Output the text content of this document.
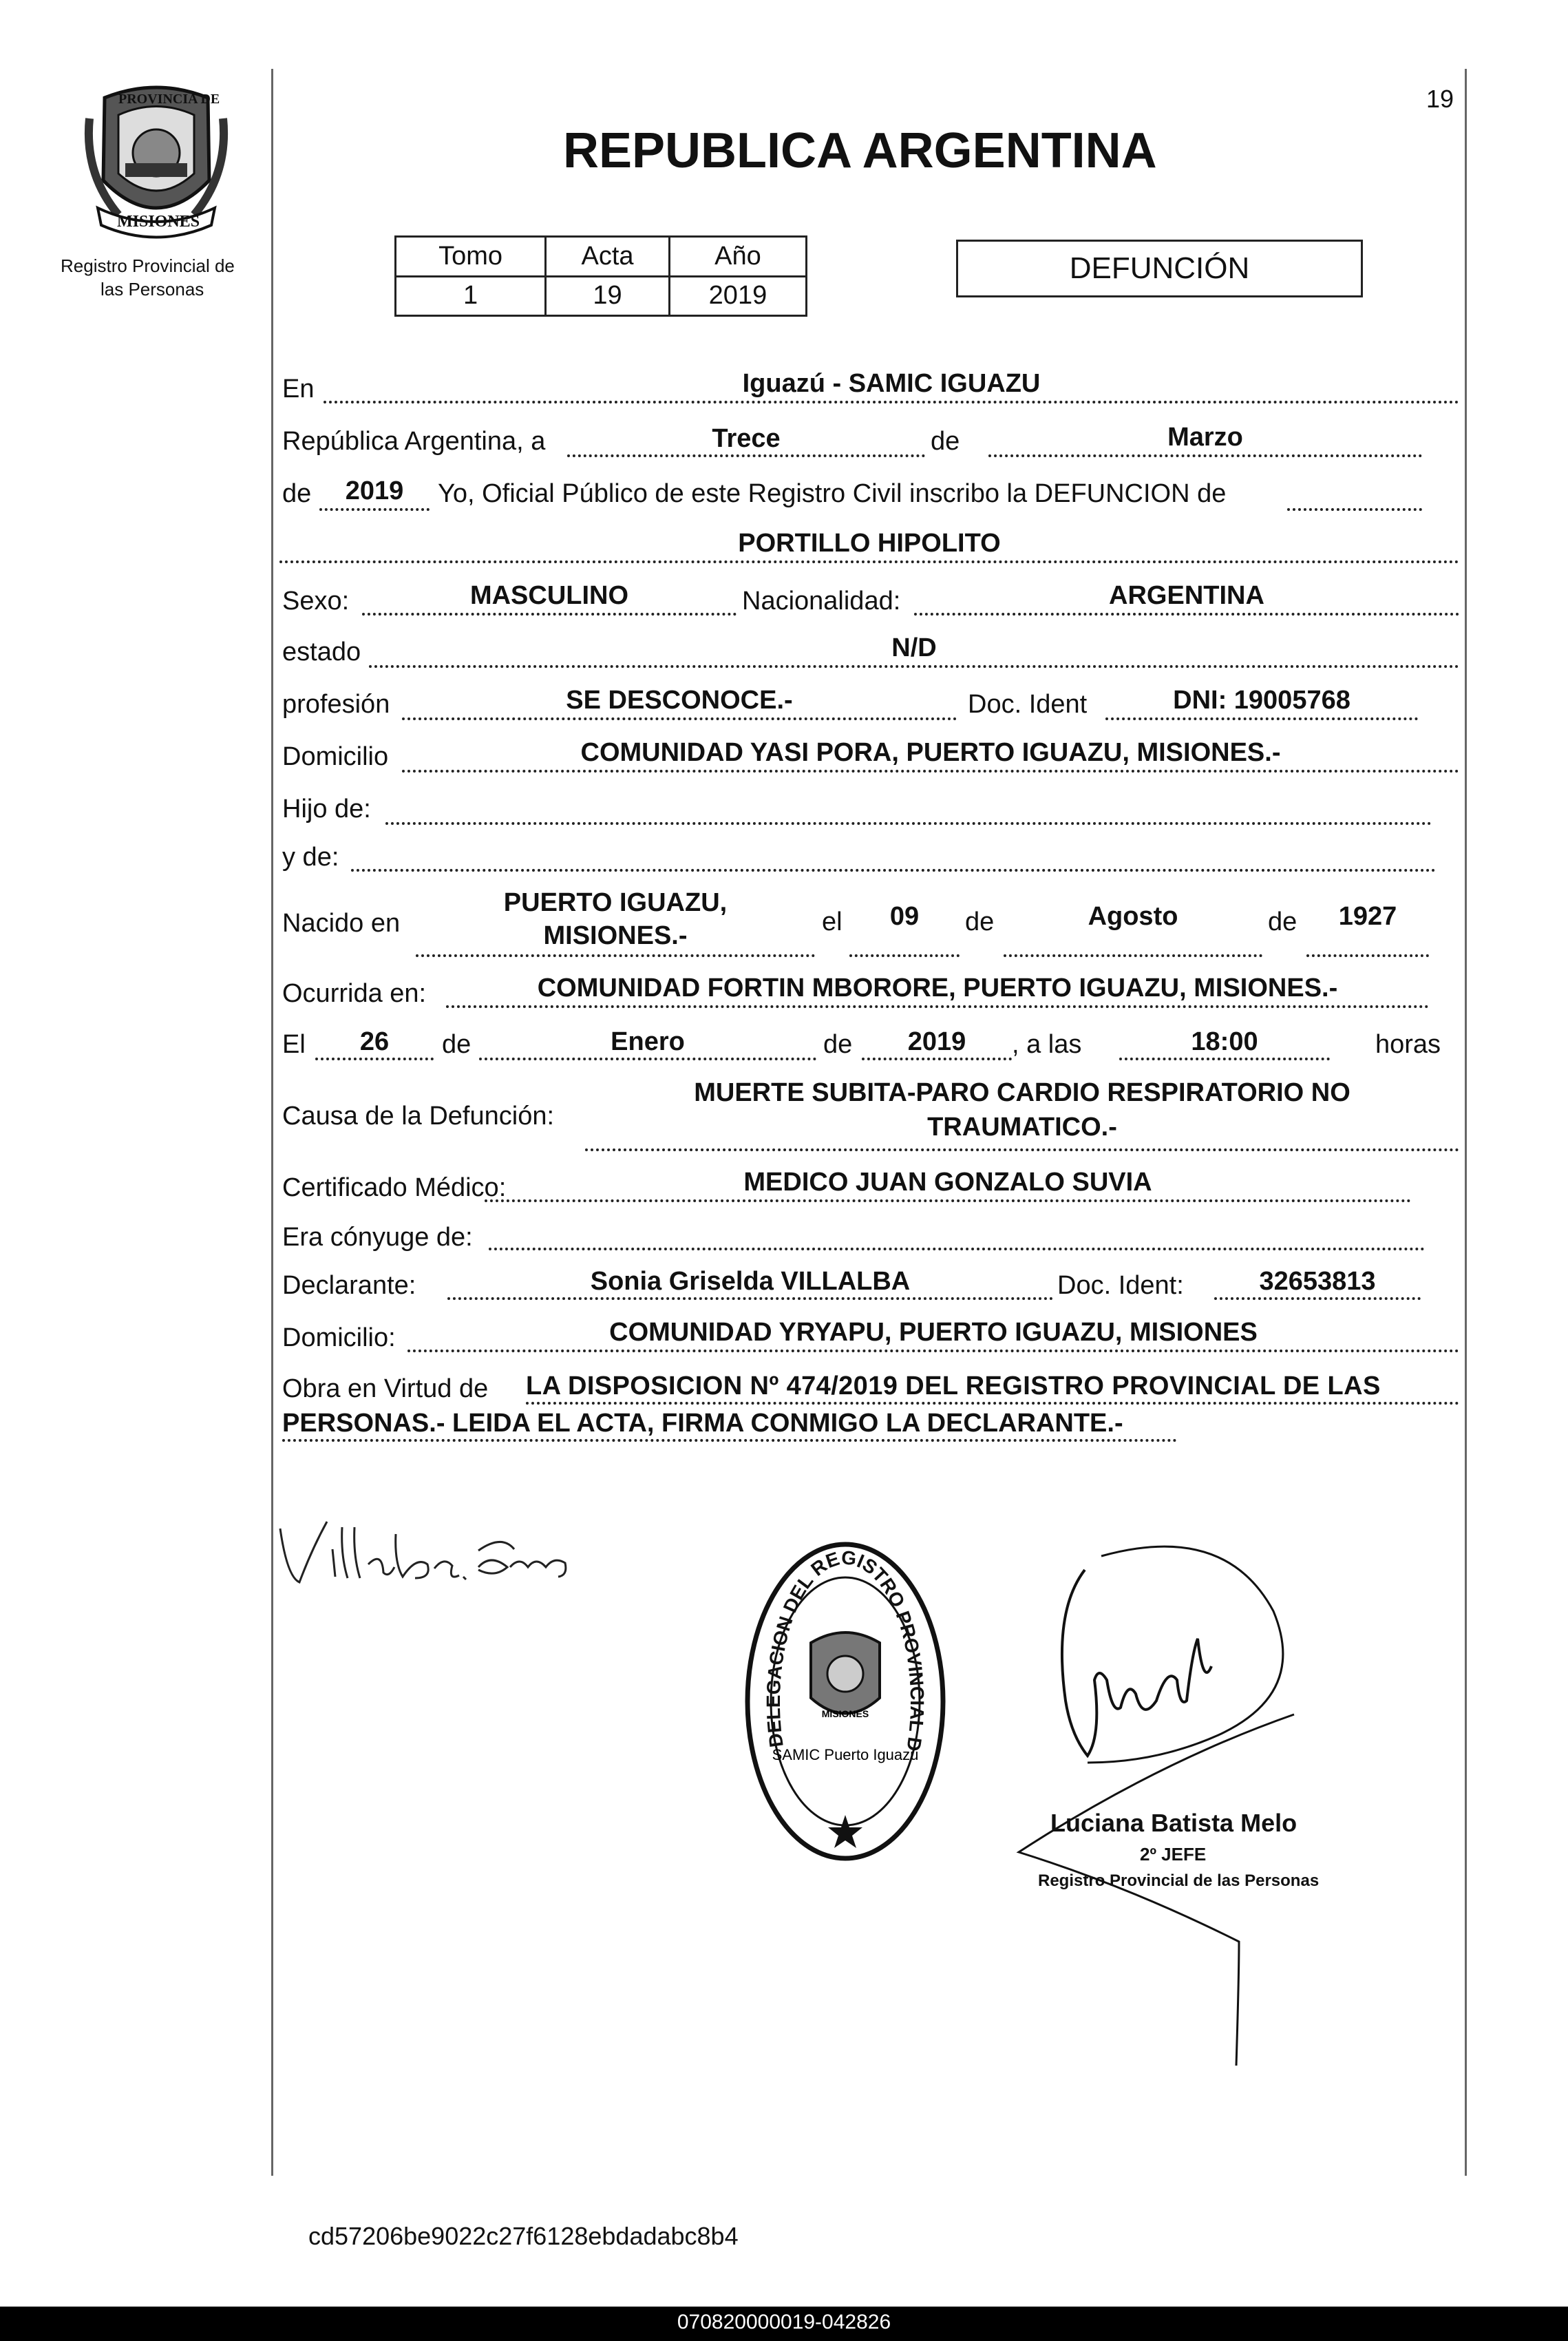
19
PROVINCIA DE
MISIONES
Registro Provincial de
las Personas
REPUBLICA ARGENTINA
Tomo	Acta	Año
1	19	2019
DEFUNCIÓN
En	Iguazú - SAMIC IGUAZU
República Argentina, a	Trece	de	Marzo
de	2019	Yo, Oficial Público de este Registro Civil inscribo la DEFUNCION de
PORTILLO HIPOLITO
Sexo:	MASCULINO	Nacionalidad:	ARGENTINA
estado	N/D
profesión	SE DESCONOCE.-	Doc. Ident	DNI: 19005768
Domicilio	COMUNIDAD YASI PORA, PUERTO IGUAZU, MISIONES.-
Hijo de:
y de:
Nacido en
PUERTO IGUAZU,
MISIONES.-	el	09	de	Agosto	de	1927
Ocurrida en:	COMUNIDAD FORTIN MBORORE, PUERTO IGUAZU, MISIONES.-
El	26	de	Enero	de	2019	, a las	18:00	horas
Causa de la Defunción:
MUERTE SUBITA-PARO CARDIO RESPIRATORIO NO
TRAUMATICO.-
Certificado Médico:	MEDICO JUAN GONZALO SUVIA
Era cónyuge de:
Declarante:	Sonia Griselda VILLALBA	Doc. Ident:	32653813
Domicilio:	COMUNIDAD YRYAPU, PUERTO IGUAZU, MISIONES
Obra en Virtud de LA DISPOSICION Nº 474/2019 DEL REGISTRO PROVINCIAL DE LAS
PERSONAS.- LEIDA EL ACTA, FIRMA CONMIGO LA DECLARANTE.-
DELEGACION DEL REGISTRO PROVINCIAL D
MISIONES
SAMIC Puerto Iguazú
Luciana Batista Melo
2º JEFE
Registro Provincial de las Personas
cd57206be9022c27f6128ebdadabc8b4
070820000019-042826
